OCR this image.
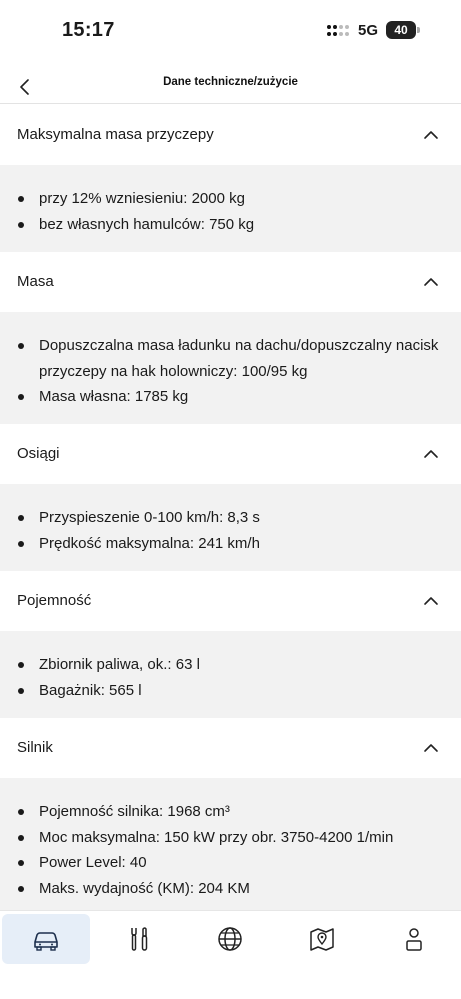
15:17	5G	40
Dane techniczne/zużycie
Maksymalna masa przyczepy
przy 12% wzniesieniu: 2000 kg
bez własnych hamulców: 750 kg
Masa
Dopuszczalna masa ładunku na dachu/dopuszczalny nacisk przyczepy na hak holowniczy: 100/95 kg
Masa własna: 1785 kg
Osiągi
Przyspieszenie 0-100 km/h: 8,3 s
Prędkość maksymalna: 241 km/h
Pojemność
Zbiornik paliwa, ok.: 63 l
Bagażnik: 565 l
Silnik
Pojemność silnika: 1968 cm³
Moc maksymalna: 150 kW przy obr. 3750-4200 1/min
Power Level: 40
Maks. wydajność (KM): 204 KM
